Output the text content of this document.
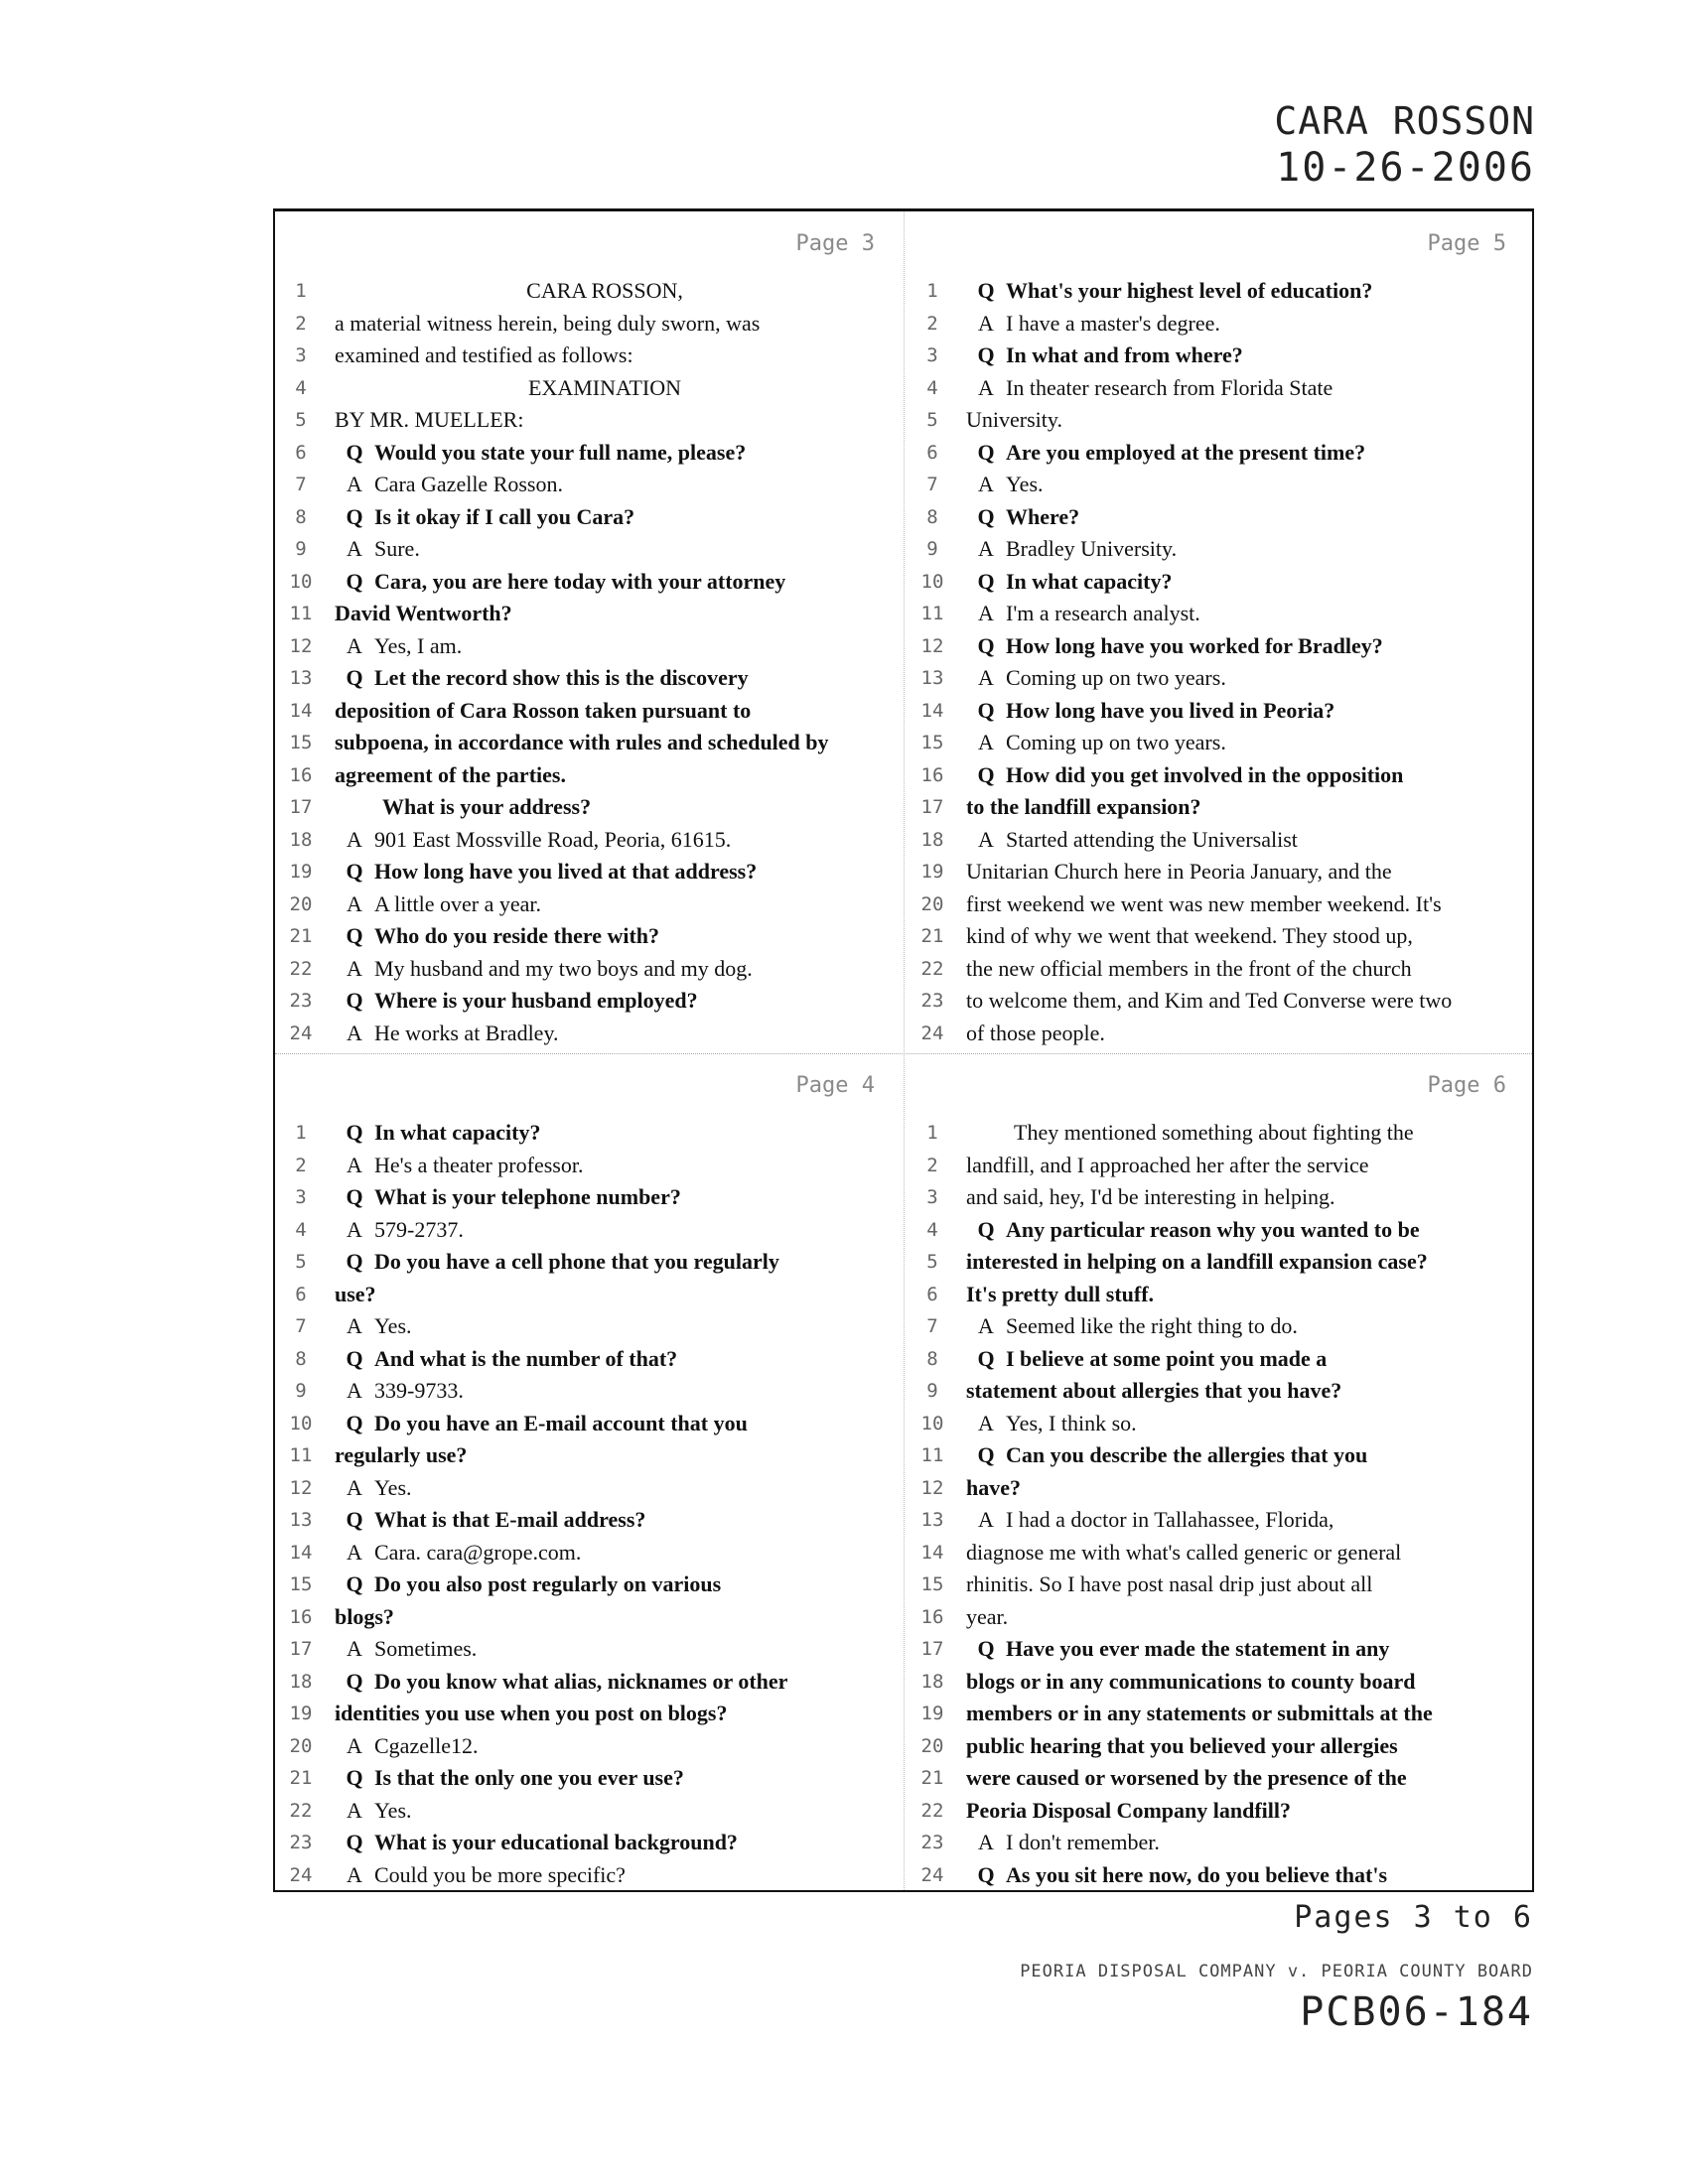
CARA ROSSON
10-26-2006
Page 3
1	CARA ROSSON,
2	a material witness herein, being duly sworn, was
3	examined and testified as follows:
4	EXAMINATION
5	BY MR. MUELLER:
6	Q Would you state your full name, please?
7	A Cara Gazelle Rosson.
8	Q Is it okay if I call you Cara?
9	A Sure.
10	Q Cara, you are here today with your attorney
11	David Wentworth?
12	A Yes, I am.
13	Q Let the record show this is the discovery
14	deposition of Cara Rosson taken pursuant to
15	subpoena, in accordance with rules and scheduled by
16	agreement of the parties.
17	What is your address?
18	A 901 East Mossville Road, Peoria, 61615.
19	Q How long have you lived at that address?
20	A A little over a year.
21	Q Who do you reside there with?
22	A My husband and my two boys and my dog.
23	Q Where is your husband employed?
24	A He works at Bradley.
Page 5
1	Q What's your highest level of education?
2	A I have a master's degree.
3	Q In what and from where?
4	A In theater research from Florida State
5	University.
6	Q Are you employed at the present time?
7	A Yes.
8	Q Where?
9	A Bradley University.
10	Q In what capacity?
11	A I'm a research analyst.
12	Q How long have you worked for Bradley?
13	A Coming up on two years.
14	Q How long have you lived in Peoria?
15	A Coming up on two years.
16	Q How did you get involved in the opposition
17	to the landfill expansion?
18	A Started attending the Universalist
19	Unitarian Church here in Peoria January, and the
20	first weekend we went was new member weekend. It's
21	kind of why we went that weekend. They stood up,
22	the new official members in the front of the church
23	to welcome them, and Kim and Ted Converse were two
24	of those people.
Page 4
1	Q In what capacity?
2	A He's a theater professor.
3	Q What is your telephone number?
4	A 579-2737.
5	Q Do you have a cell phone that you regularly
6	use?
7	A Yes.
8	Q And what is the number of that?
9	A 339-9733.
10	Q Do you have an E-mail account that you
11	regularly use?
12	A Yes.
13	Q What is that E-mail address?
14	A Cara. cara@grope.com.
15	Q Do you also post regularly on various
16	blogs?
17	A Sometimes.
18	Q Do you know what alias, nicknames or other
19	identities you use when you post on blogs?
20	A Cgazelle12.
21	Q Is that the only one you ever use?
22	A Yes.
23	Q What is your educational background?
24	A Could you be more specific?
Page 6
1	They mentioned something about fighting the
2	landfill, and I approached her after the service
3	and said, hey, I'd be interesting in helping.
4	Q Any particular reason why you wanted to be
5	interested in helping on a landfill expansion case?
6	It's pretty dull stuff.
7	A Seemed like the right thing to do.
8	Q I believe at some point you made a
9	statement about allergies that you have?
10	A Yes, I think so.
11	Q Can you describe the allergies that you
12	have?
13	A I had a doctor in Tallahassee, Florida,
14	diagnose me with what's called generic or general
15	rhinitis. So I have post nasal drip just about all
16	year.
17	Q Have you ever made the statement in any
18	blogs or in any communications to county board
19	members or in any statements or submittals at the
20	public hearing that you believed your allergies
21	were caused or worsened by the presence of the
22	Peoria Disposal Company landfill?
23	A I don't remember.
24	Q As you sit here now, do you believe that's
Pages 3 to 6
PEORIA DISPOSAL COMPANY v. PEORIA COUNTY BOARD
PCB06-184
